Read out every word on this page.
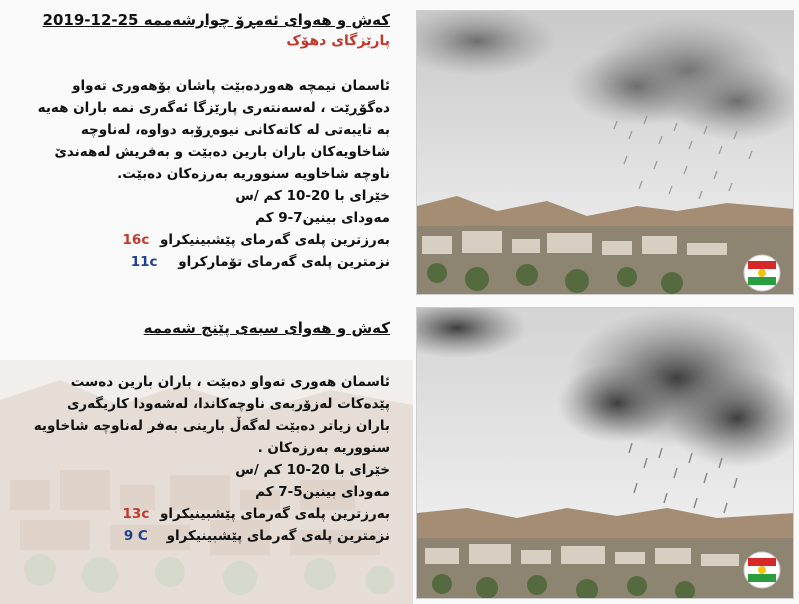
کەش و هەوای ئەمڕۆ چوارشەممە 25-12-2019
پارێزگای دهۆک
ئاسمان نیمچە هەوردەبێت پاشان بۆهەوری تەواو
دەگۆڕێت ، لەسەنتەری پارێزگا ئەگەری نمە باران هەیە
بە تایبەتی لە کاتەکانی نیوەڕۆبە دواوە، لەناوچە
شاخاویەکان باران بارین دەبێت و بەفریش لەهەندێ
ناوچە شاخاویە سنووریە بەرزەکان دەبێت.
خێرای با 20-10 کم /س
مەودای بینین7-9 کم
بەرزترین پلەی گەرمای پێشبینیکراو 16c
نزمترین پلەی گەرمای تۆمارکراو 11c
کەش و هەوای سبەی پێنج شەممە
ئاسمان هەوری تەواو دەبێت ، باران بارین دەست
پێدەکات لەزۆربەی ناوچەکاندا، لەشەودا کاریگەری
باران زیاتر دەبێت لەگەڵ بارینی بەفر لەناوچە شاخاویە
سنووریە بەرزەکان .
خێرای با 20-10 کم /س
مەودای بینین5-7 کم
بەرزترین پلەی گەرمای پێشبینیکراو 13c
نزمترین پلەی گەرمای پێشبینیکراو 9 C
